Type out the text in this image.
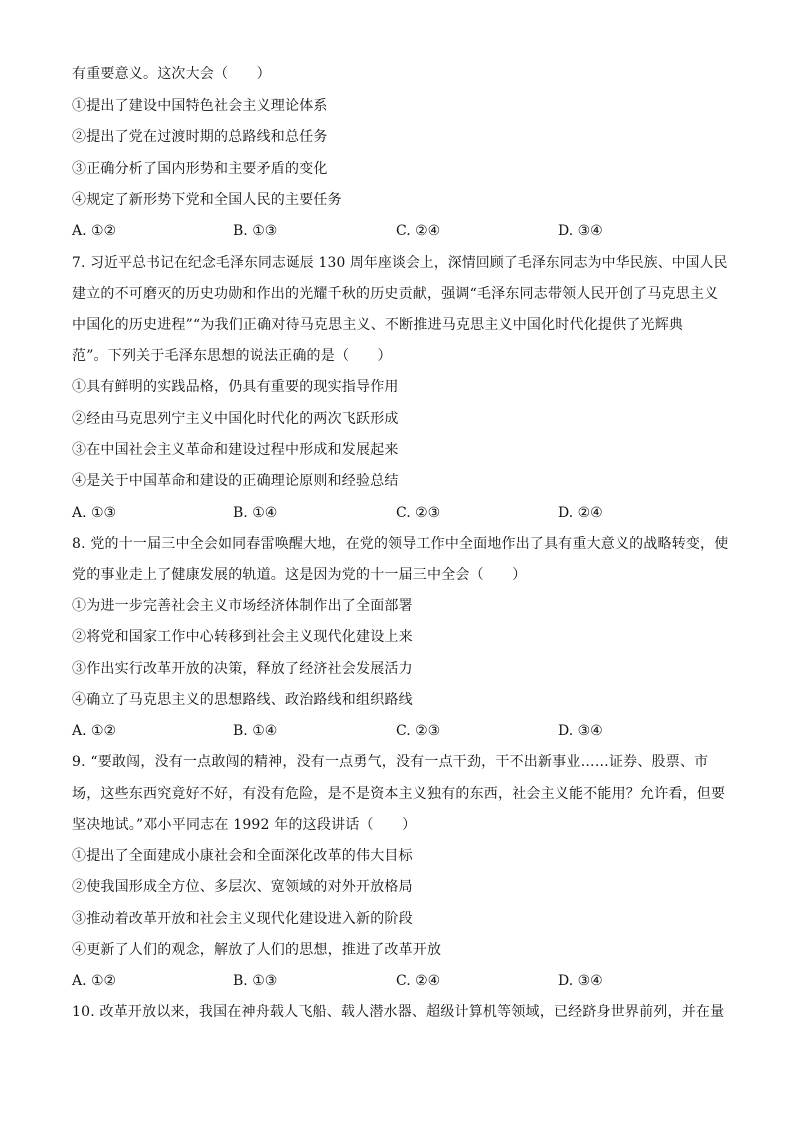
有重要意义。这次大会（　　）
①提出了建设中国特色社会主义理论体系
②提出了党在过渡时期的总路线和总任务
③正确分析了国内形势和主要矛盾的变化
④规定了新形势下党和全国人民的主要任务
A. ①②	B. ①③	C. ②④	D. ③④
7. 习近平总书记在纪念毛泽东同志诞辰 130 周年座谈会上，深情回顾了毛泽东同志为中华民族、中国人民
建立的不可磨灭的历史功勋和作出的光耀千秋的历史贡献，强调“毛泽东同志带领人民开创了马克思主义
中国化的历史进程”“为我们正确对待马克思主义、不断推进马克思主义中国化时代化提供了光辉典
范”。下列关于毛泽东思想的说法正确的是（　　）
①具有鲜明的实践品格，仍具有重要的现实指导作用
②经由马克思列宁主义中国化时代化的两次飞跃形成
③在中国社会主义革命和建设过程中形成和发展起来
④是关于中国革命和建设的正确理论原则和经验总结
A. ①③	B. ①④	C. ②③	D. ②④
8. 党的十一届三中全会如同春雷唤醒大地，在党的领导工作中全面地作出了具有重大意义的战略转变，使
党的事业走上了健康发展的轨道。这是因为党的十一届三中全会（　　）
①为进一步完善社会主义市场经济体制作出了全面部署
②将党和国家工作中心转移到社会主义现代化建设上来
③作出实行改革开放的决策，释放了经济社会发展活力
④确立了马克思主义的思想路线、政治路线和组织路线
A. ①②	B. ①④	C. ②③	D. ③④
9. “要敢闯，没有一点敢闯的精神，没有一点勇气，没有一点干劲，干不出新事业……证券、股票、市
场，这些东西究竟好不好，有没有危险，是不是资本主义独有的东西，社会主义能不能用？允许看，但要
坚决地试。”邓小平同志在 1992 年的这段讲话（　　）
①提出了全面建成小康社会和全面深化改革的伟大目标
②使我国形成全方位、多层次、宽领域的对外开放格局
③推动着改革开放和社会主义现代化建设进入新的阶段
④更新了人们的观念，解放了人们的思想，推进了改革开放
A. ①②	B. ①③	C. ②④	D. ③④
10. 改革开放以来，我国在神舟载人飞船、载人潜水器、超级计算机等领域，已经跻身世界前列，并在量
